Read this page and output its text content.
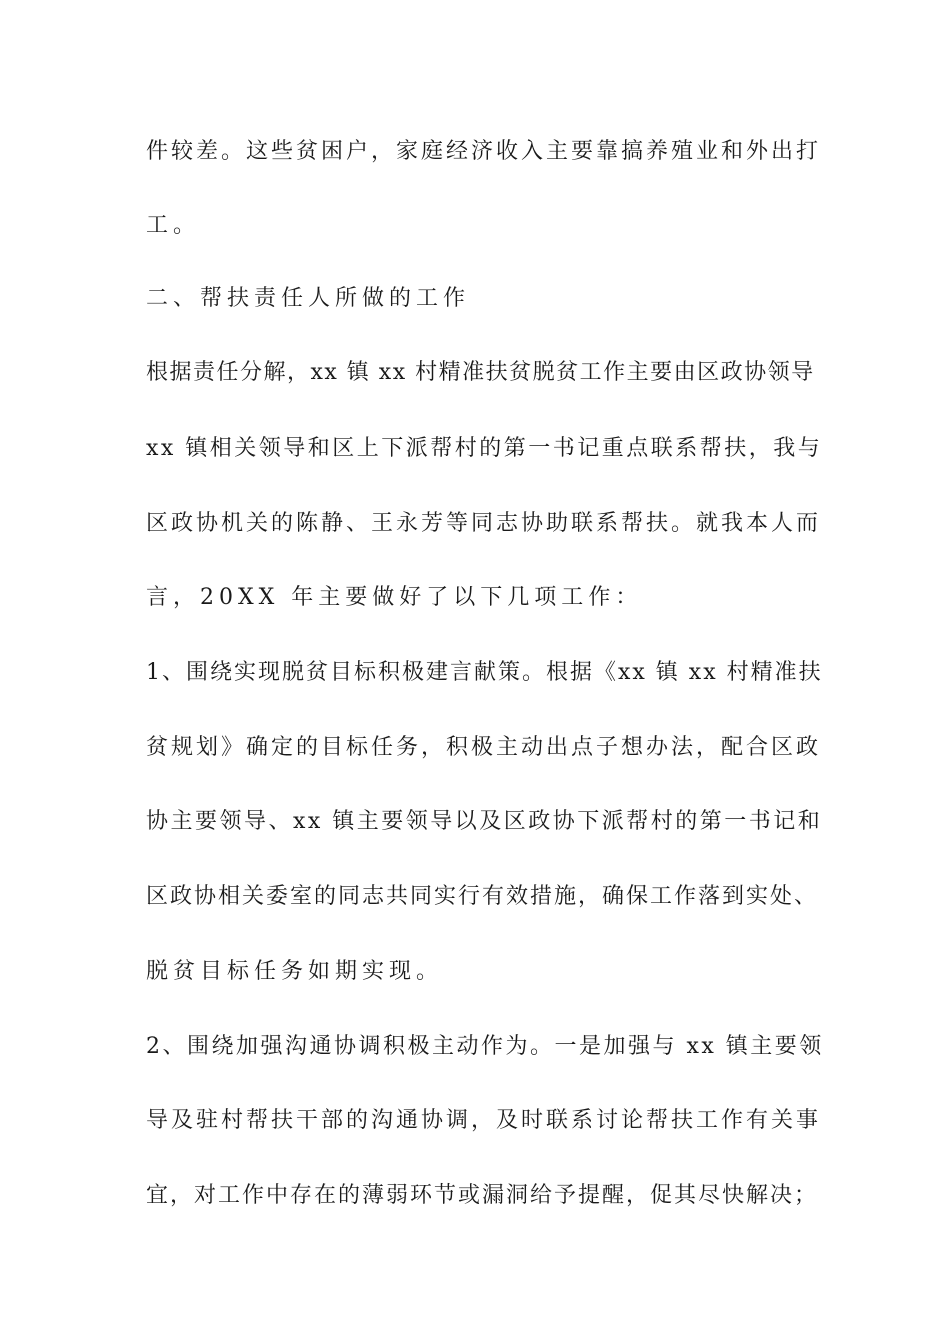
件较差。这些贫困户，家庭经济收入主要靠搞养殖业和外出打
工。
二、帮扶责任人所做的工作
根据责任分解，xx 镇 xx 村精准扶贫脱贫工作主要由区政协领导
xx 镇相关领导和区上下派帮村的第一书记重点联系帮扶，我与
区政协机关的陈静、王永芳等同志协助联系帮扶。就我本人而
言，20XX 年主要做好了以下几项工作：
1、围绕实现脱贫目标积极建言献策。根据《xx 镇 xx 村精准扶
贫规划》确定的目标任务，积极主动出点子想办法，配合区政
协主要领导、xx 镇主要领导以及区政协下派帮村的第一书记和
区政协相关委室的同志共同实行有效措施，确保工作落到实处、
脱贫目标任务如期实现。
2、围绕加强沟通协调积极主动作为。一是加强与 xx 镇主要领
导及驻村帮扶干部的沟通协调，及时联系讨论帮扶工作有关事
宜，对工作中存在的薄弱环节或漏洞给予提醒，促其尽快解决；
